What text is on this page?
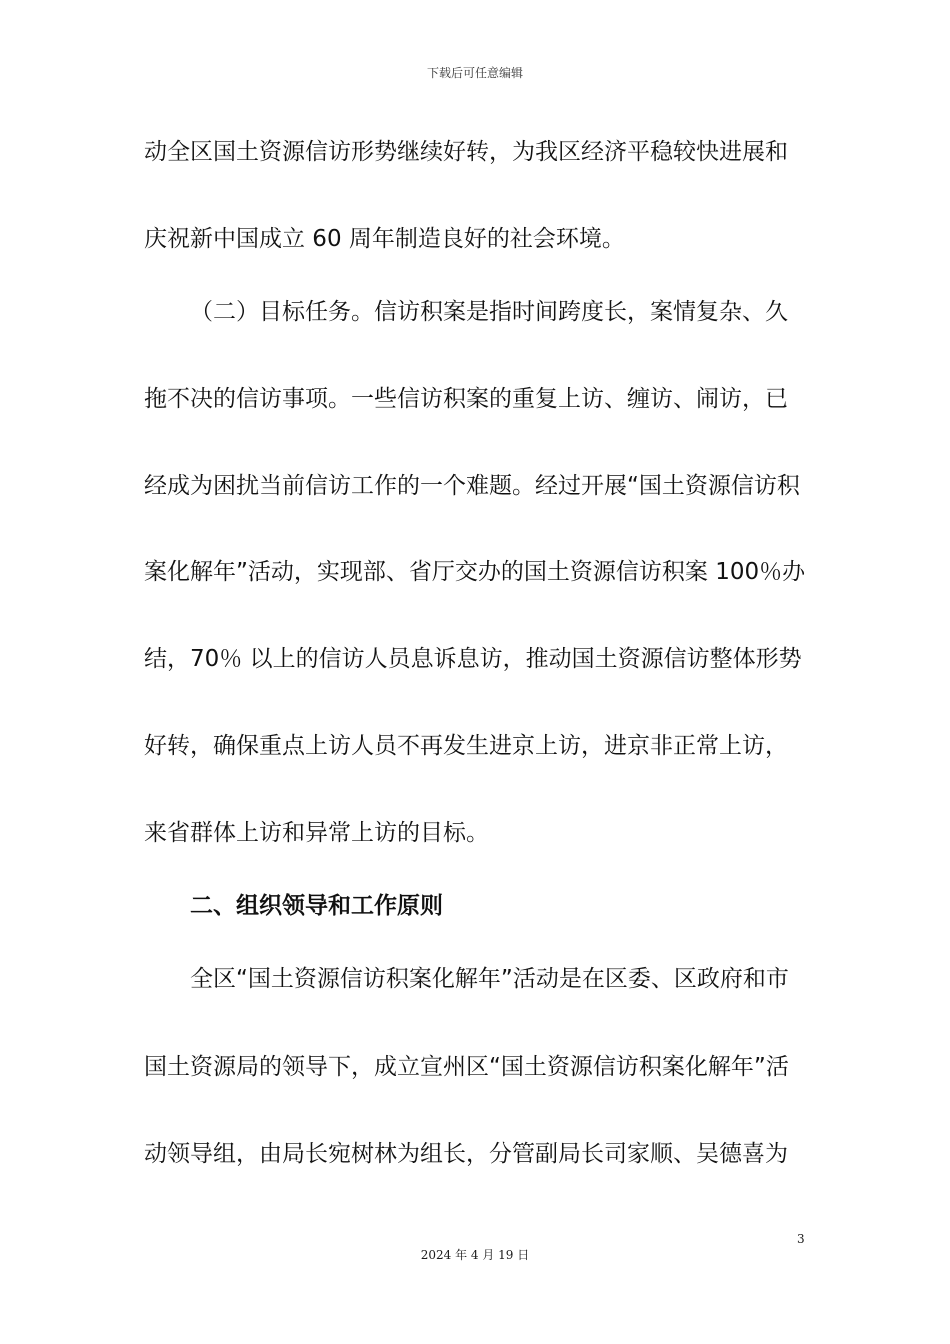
下载后可任意编辑
动全区国土资源信访形势继续好转，为我区经济平稳较快进展和
庆祝新中国成立 60 周年制造良好的社会环境。
（二）目标任务。信访积案是指时间跨度长，案情复杂、久
拖不决的信访事项。一些信访积案的重复上访、缠访、闹访，已
经成为困扰当前信访工作的一个难题。经过开展“国土资源信访积
案化解年”活动，实现部、省厅交办的国土资源信访积案 100％办
结，70％ 以上的信访人员息诉息访，推动国土资源信访整体形势
好转，确保重点上访人员不再发生进京上访，进京非正常上访，
来省群体上访和异常上访的目标。
二、组织领导和工作原则
全区“国土资源信访积案化解年”活动是在区委、区政府和市
国土资源局的领导下，成立宣州区“国土资源信访积案化解年”活
动领导组，由局长宛树林为组长，分管副局长司家顺、吴德喜为
3
2024 年 4 月 19 日
